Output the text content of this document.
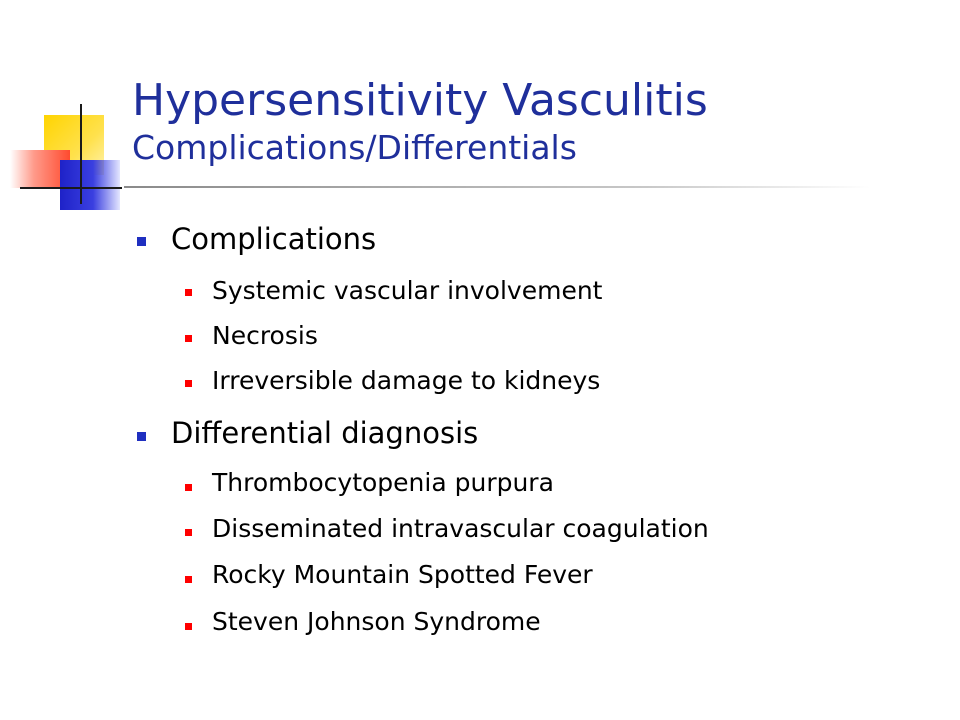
Hypersensitivity Vasculitis
Complications/Differentials
Complications
Systemic vascular involvement
Necrosis
Irreversible damage to kidneys
Differential diagnosis
Thrombocytopenia purpura
Disseminated intravascular coagulation
Rocky Mountain Spotted Fever
Steven Johnson Syndrome
